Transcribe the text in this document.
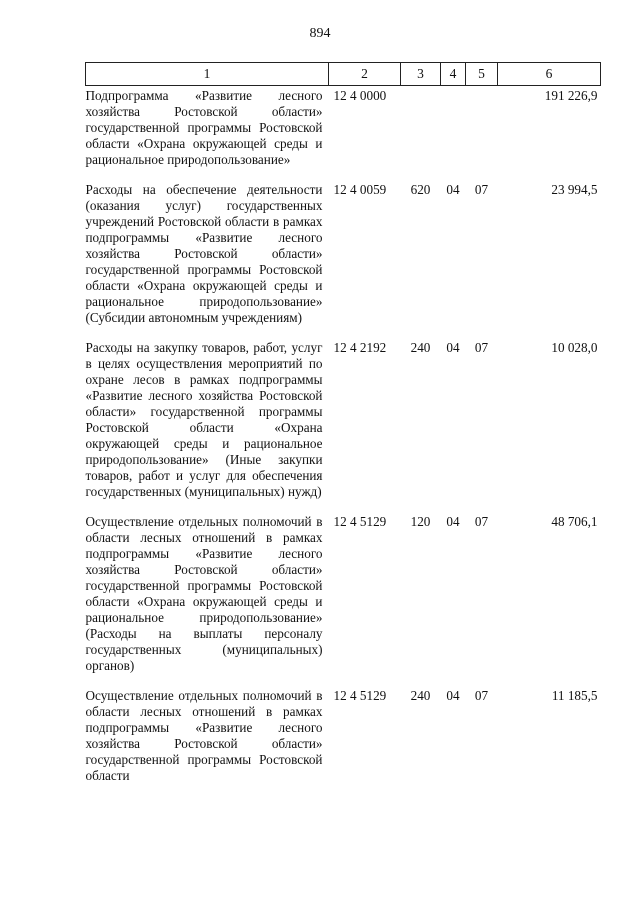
894
1	2	3	4	5	6
Подпрограмма «Развитие лесного хозяйства Ростовской области» государственной программы Ростовской области «Охрана окружающей среды и рациональное природопользование»	12 4 0000				191 226,9
Расходы на обеспечение деятельности (оказания услуг) государственных учреждений Ростовской области в рамках подпрограммы «Развитие лесного хозяйства Ростовской области» государственной программы Ростовской области «Охрана окружающей среды и рациональное природопользование» (Субсидии автономным учреждениям)	12 4 0059	620	04	07	23 994,5
Расходы на закупку товаров, работ, услуг в целях осуществления мероприятий по охране лесов в рамках подпрограммы «Развитие лесного хозяйства Ростовской области» государственной программы Ростовской области «Охрана окружающей среды и рациональное природопользование» (Иные закупки товаров, работ и услуг для обеспечения государственных (муниципальных) нужд)	12 4 2192	240	04	07	10 028,0
Осуществление отдельных полномочий в области лесных отношений в рамках подпрограммы «Развитие лесного хозяйства Ростовской области» государственной программы Ростовской области «Охрана окружающей среды и рациональное природопользование» (Расходы на выплаты персоналу государственных (муниципальных) органов)	12 4 5129	120	04	07	48 706,1
Осуществление отдельных полномочий в области лесных отношений в рамках подпрограммы «Развитие лесного хозяйства Ростовской области» государственной программы Ростовской области	12 4 5129	240	04	07	11 185,5
